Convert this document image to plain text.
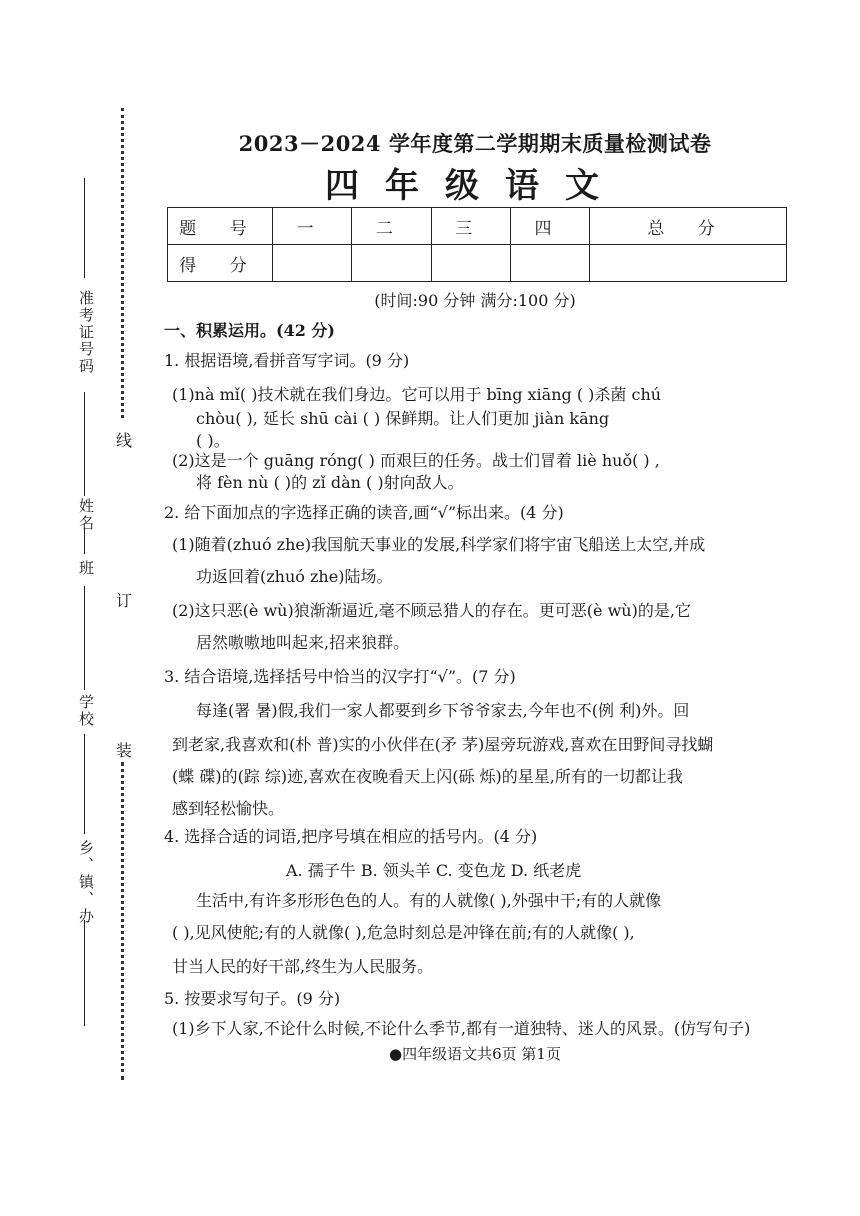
准考证号码
班
姓名
学校
乡、镇、办
线
订
装
2023－2024 学年度第二学期期末质量检测试卷
四年级语文
题 号	一	二	三	四	总 分
得 分					
(时间:90 分钟 满分:100 分)
一、积累运用。(42 分)
1. 根据语境,看拼音写字词。(9 分)
(1)nà mǐ( )技术就在我们身边。它可以用于 bīng xiāng ( )杀菌 chú
chòu( ), 延长 shū cài ( ) 保鲜期。让人们更加 jiàn kāng
( )。
(2)这是一个 guāng róng( ) 而艰巨的任务。战士们冒着 liè huǒ( ) ,
将 fèn nù ( )的 zǐ dàn ( )射向敌人。
2. 给下面加点的字选择正确的读音,画“√”标出来。(4 分)
(1)随着(zhuó zhe)我国航天事业的发展,科学家们将宇宙飞船送上太空,并成
功返回着(zhuó zhe)陆场。
(2)这只恶(è wù)狼渐渐逼近,毫不顾忌猎人的存在。更可恶(è wù)的是,它
居然嗷嗷地叫起来,招来狼群。
3. 结合语境,选择括号中恰当的汉字打“√”。(7 分)
每逢(署 暑)假,我们一家人都要到乡下爷爷家去,今年也不(例 利)外。回
到老家,我喜欢和(朴 普)实的小伙伴在(矛 茅)屋旁玩游戏,喜欢在田野间寻找蝴
(蝶 碟)的(踪 综)迹,喜欢在夜晚看天上闪(砾 烁)的星星,所有的一切都让我
感到轻松愉快。
4. 选择合适的词语,把序号填在相应的括号内。(4 分)
A. 孺子牛 B. 领头羊 C. 变色龙 D. 纸老虎
生活中,有许多形形色色的人。有的人就像( ),外强中干;有的人就像
( ),见风使舵;有的人就像( ),危急时刻总是冲锋在前;有的人就像( ),
甘当人民的好干部,终生为人民服务。
5. 按要求写句子。(9 分)
(1)乡下人家,不论什么时候,不论什么季节,都有一道独特、迷人的风景。(仿写句子)
●四年级语文共6页 第1页
